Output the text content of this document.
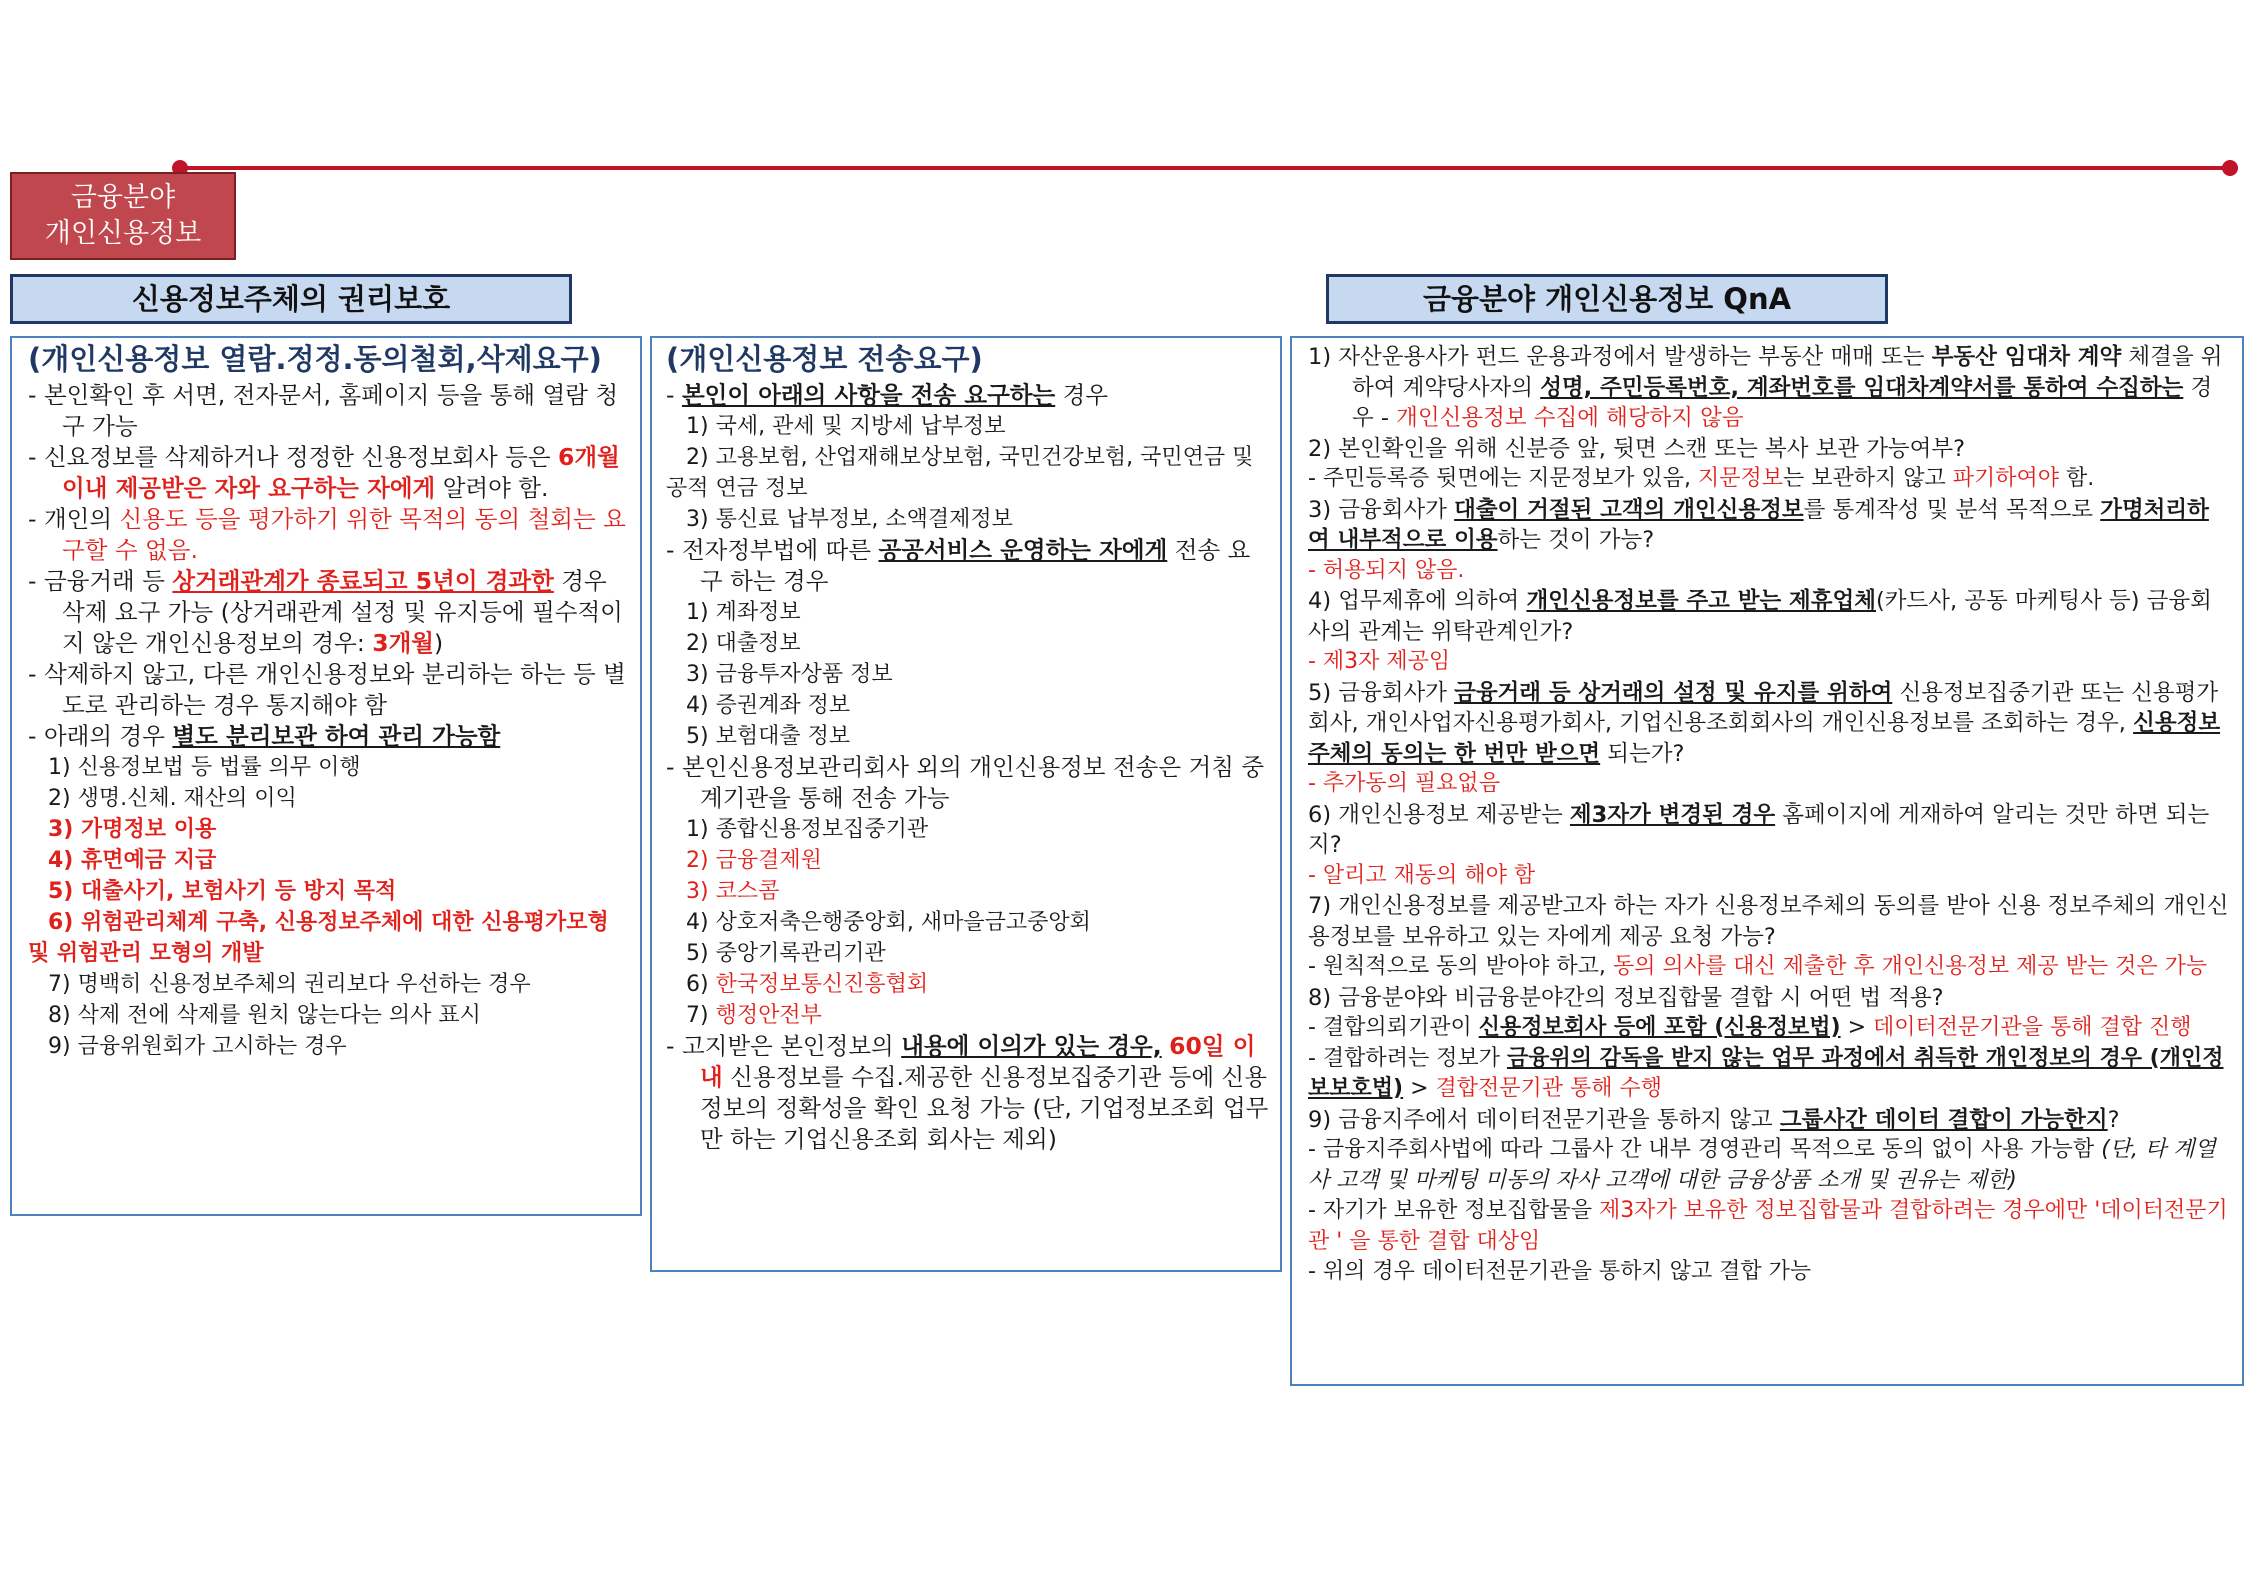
금융분야
개인신용정보
신용정보주체의 권리보호	금융분야 개인신용정보 QnA
(개인신용정보 열람.정정.동의철회,삭제요구)
- 본인확인 후 서면, 전자문서, 홈페이지 등을 통해 열람 청구 가능
- 신요정보를 삭제하거나 정정한 신용정보회사 등은 6개월 이내 제공받은 자와 요구하는 자에게 알려야 함.
- 개인의 신용도 등을 평가하기 위한 목적의 동의 철회는 요구할 수 없음.
- 금융거래 등 상거래관계가 종료되고 5년이 경과한 경우 삭제 요구 가능 (상거래관계 설정 및 유지등에 필수적이지 않은 개인신용정보의 경우: 3개월)
- 삭제하지 않고, 다른 개인신용정보와 분리하는 하는 등 별도로 관리하는 경우 통지해야 함
- 아래의 경우 별도 분리보관 하여 관리 가능함
1) 신용정보법 등 법률 의무 이행
2) 생명.신체. 재산의 이익
3) 가명정보 이용
4) 휴면예금 지급
5) 대출사기, 보험사기 등 방지 목적
6) 위험관리체계 구축, 신용정보주체에 대한 신용평가모형 및 위험관리 모형의 개발
7) 명백히 신용정보주체의 권리보다 우선하는 경우
8) 삭제 전에 삭제를 원치 않는다는 의사 표시
9) 금융위원회가 고시하는 경우
(개인신용정보 전송요구)
- 본인이 아래의 사항을 전송 요구하는 경우
1) 국세, 관세 및 지방세 납부정보
2) 고용보험, 산업재해보상보험, 국민건강보험, 국민연금 및 공적 연금 정보
3) 통신료 납부정보, 소액결제정보
- 전자정부법에 따른 공공서비스 운영하는 자에게 전송 요구 하는 경우
1) 계좌정보
2) 대출정보
3) 금융투자상품 정보
4) 증권계좌 정보
5) 보험대출 정보
- 본인신용정보관리회사 외의 개인신용정보 전송은 거침 중계기관을 통해 전송 가능
1) 종합신용정보집중기관
2) 금융결제원
3) 코스콤
4) 상호저축은행중앙회, 새마을금고중앙회
5) 중앙기록관리기관
6) 한국정보통신진흥협회
7) 행정안전부
- 고지받은 본인정보의 내용에 이의가 있는 경우, 60일 이내 신용정보를 수집.제공한 신용정보집중기관 등에 신용정보의 정확성을 확인 요청 가능 (단, 기업정보조회 업무만 하는 기업신용조회 회사는 제외)
1) 자산운용사가 펀드 운용과정에서 발생하는 부동산 매매 또는 부동산 임대차 계약 체결을 위하여 계약당사자의 성명, 주민등록번호, 계좌번호를 임대차계약서를 통하여 수집하는 경우 - 개인신용정보 수집에 해당하지 않음
2) 본인확인을 위해 신분증 앞, 뒷면 스캔 또는 복사 보관 가능여부?
- 주민등록증 뒷면에는 지문정보가 있음, 지문정보는 보관하지 않고 파기하여야 함.
3) 금융회사가 대출이 거절된 고객의 개인신용정보를 통계작성 및 분석 목적으로 가명처리하여 내부적으로 이용하는 것이 가능?
- 허용되지 않음.
4) 업무제휴에 의하여 개인신용정보를 주고 받는 제휴업체(카드사, 공동 마케팅사 등) 금융회사의 관계는 위탁관계인가?
- 제3자 제공임
5) 금융회사가 금융거래 등 상거래의 설정 및 유지를 위하여 신용정보집중기관 또는 신용평가회사, 개인사업자신용평가회사, 기업신용조회회사의 개인신용정보를 조회하는 경우, 신용정보주체의 동의는 한 번만 받으면 되는가?
- 추가동의 필요없음
6) 개인신용정보 제공받는 제3자가 변경된 경우 홈페이지에 게재하여 알리는 것만 하면 되는지?
- 알리고 재동의 해야 함
7) 개인신용정보를 제공받고자 하는 자가 신용정보주체의 동의를 받아 신용 정보주체의 개인신용정보를 보유하고 있는 자에게 제공 요청 가능?
- 원칙적으로 동의 받아야 하고, 동의 의사를 대신 제출한 후 개인신용정보 제공 받는 것은 가능
8) 금융분야와 비금융분야간의 정보집합물 결합 시 어떤 법 적용?
- 결합의뢰기관이 신용정보회사 등에 포함 (신용정보법) > 데이터전문기관을 통해 결합 진행
- 결합하려는 정보가 금융위의 감독을 받지 않는 업무 과정에서 취득한 개인정보의 경우 (개인정보보호법) > 결합전문기관 통해 수행
9) 금융지주에서 데이터전문기관을 통하지 않고 그룹사간 데이터 결합이 가능한지?
- 금융지주회사법에 따라 그룹사 간 내부 경영관리 목적으로 동의 없이 사용 가능함 (단, 타 계열사 고객 및 마케팅 미동의 자사 고객에 대한 금융상품 소개 및 권유는 제한)
- 자기가 보유한 정보집합물을 제3자가 보유한 정보집합물과 결합하려는 경우에만 '데이터전문기관 ' 을 통한 결합 대상임
- 위의 경우 데이터전문기관을 통하지 않고 결합 가능
